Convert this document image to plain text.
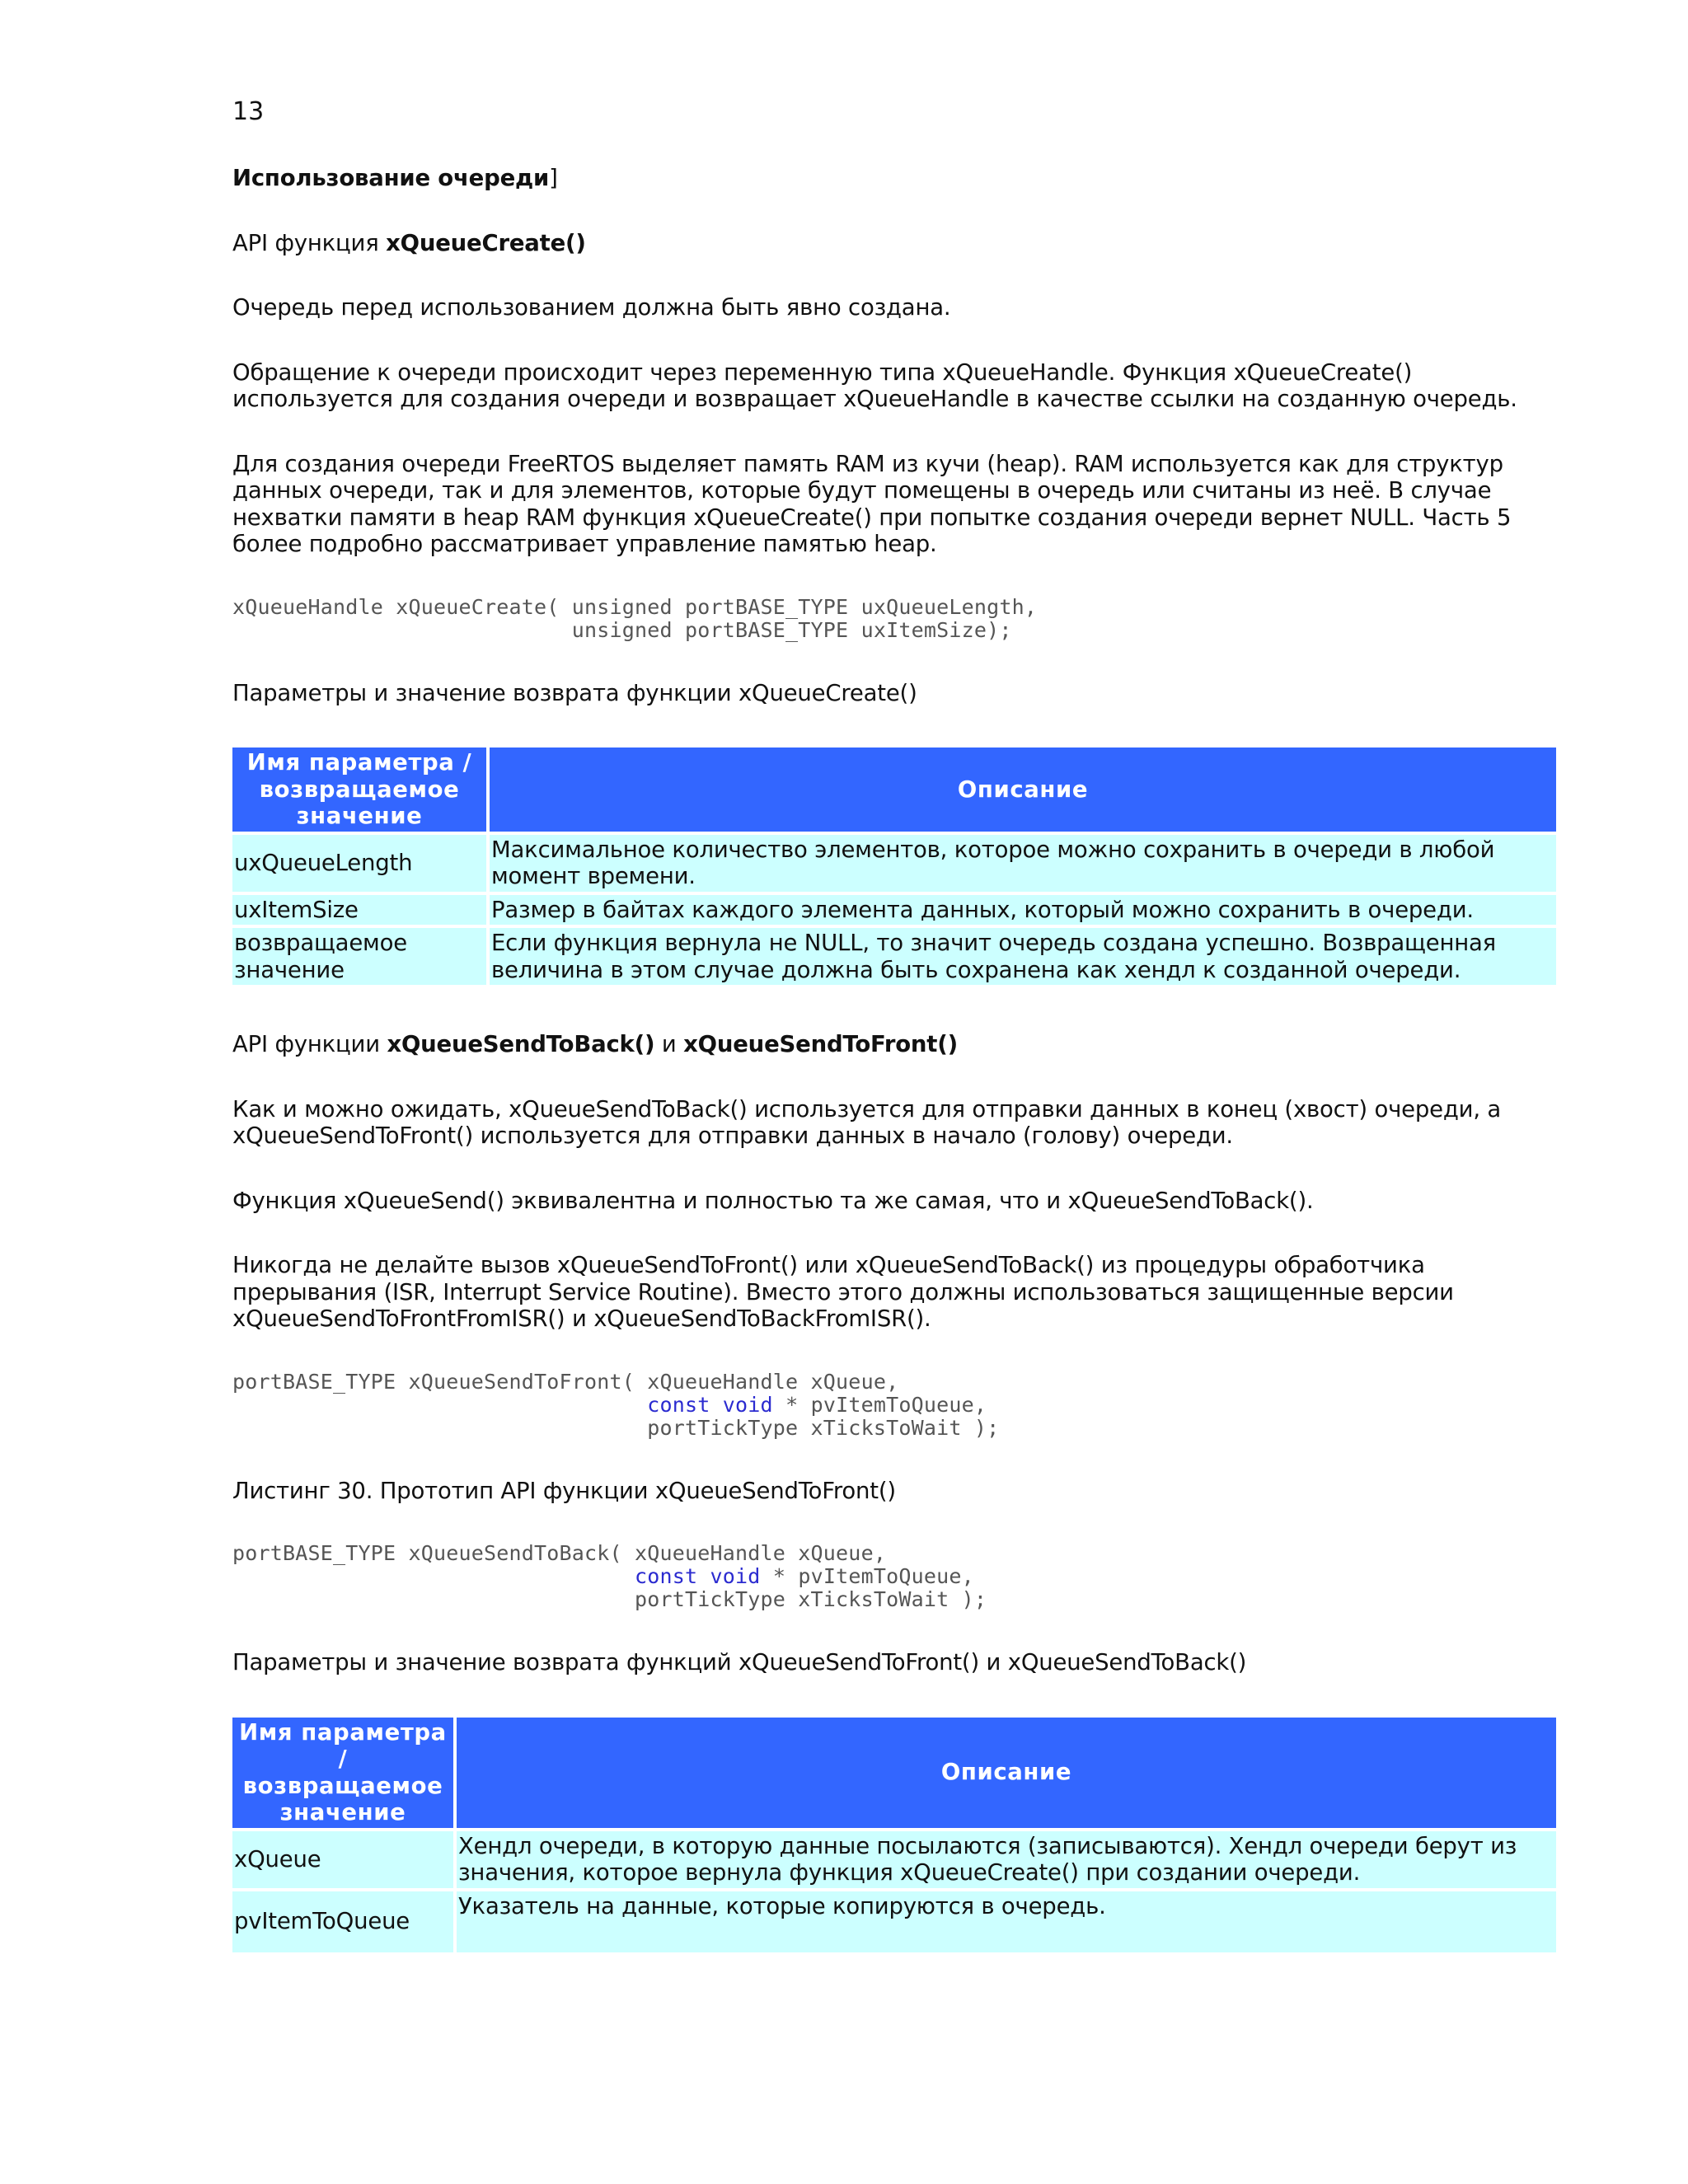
13

Использование очереди]

API функция xQueueCreate()

Очередь перед использованием должна быть явно создана.

Обращение к очереди происходит через переменную типа xQueueHandle. Функция xQueueCreate() используется для создания очереди и возвращает xQueueHandle в качестве ссылки на созданную очередь.

Для создания очереди FreeRTOS выделяет память RAM из кучи (heap). RAM используется как для структур данных очереди, так и для элементов, которые будут помещены в очередь или считаны из неё. В случае нехватки памяти в heap RAM функция xQueueCreate() при попытке создания очереди вернет NULL. Часть 5 более подробно рассматривает управление памятью heap.

xQueueHandle xQueueCreate( unsigned portBASE_TYPE uxQueueLength,
unsigned portBASE_TYPE uxItemSize);

Параметры и значение возврата функции xQueueCreate()

Имя параметра / возвращаемое значение	Описание
uxQueueLength	Максимальное количество элементов, которое можно сохранить в очереди в любой момент времени.
uxItemSize	Размер в байтах каждого элемента данных, который можно сохранить в очереди.
возвращаемое значение	Если функция вернула не NULL, то значит очередь создана успешно. Возвращенная величина в этом случае должна быть сохранена как хендл к созданной очереди.

API функции xQueueSendToBack() и xQueueSendToFront()

Как и можно ожидать, xQueueSendToBack() используется для отправки данных в конец (хвост) очереди, а xQueueSendToFront() используется для отправки данных в начало (голову) очереди.

Функция xQueueSend() эквивалентна и полностью та же самая, что и xQueueSendToBack().

Никогда не делайте вызов xQueueSendToFront() или xQueueSendToBack() из процедуры обработчика прерывания (ISR, Interrupt Service Routine). Вместо этого должны использоваться защищенные версии xQueueSendToFrontFromISR() и xQueueSendToBackFromISR().

portBASE_TYPE xQueueSendToFront( xQueueHandle xQueue,
const void * pvItemToQueue,
portTickType xTicksToWait );

Листинг 30. Прототип API функции xQueueSendToFront()

portBASE_TYPE xQueueSendToBack( xQueueHandle xQueue,
const void * pvItemToQueue,
portTickType xTicksToWait );

Параметры и значение возврата функций xQueueSendToFront() и xQueueSendToBack()

Имя параметра / возвращаемое значение	Описание
xQueue	Хендл очереди, в которую данные посылаются (записываются). Хендл очереди берут из значения, которое вернула функция xQueueCreate() при создании очереди.
pvItemToQueue	Указатель на данные, которые копируются в очередь.
